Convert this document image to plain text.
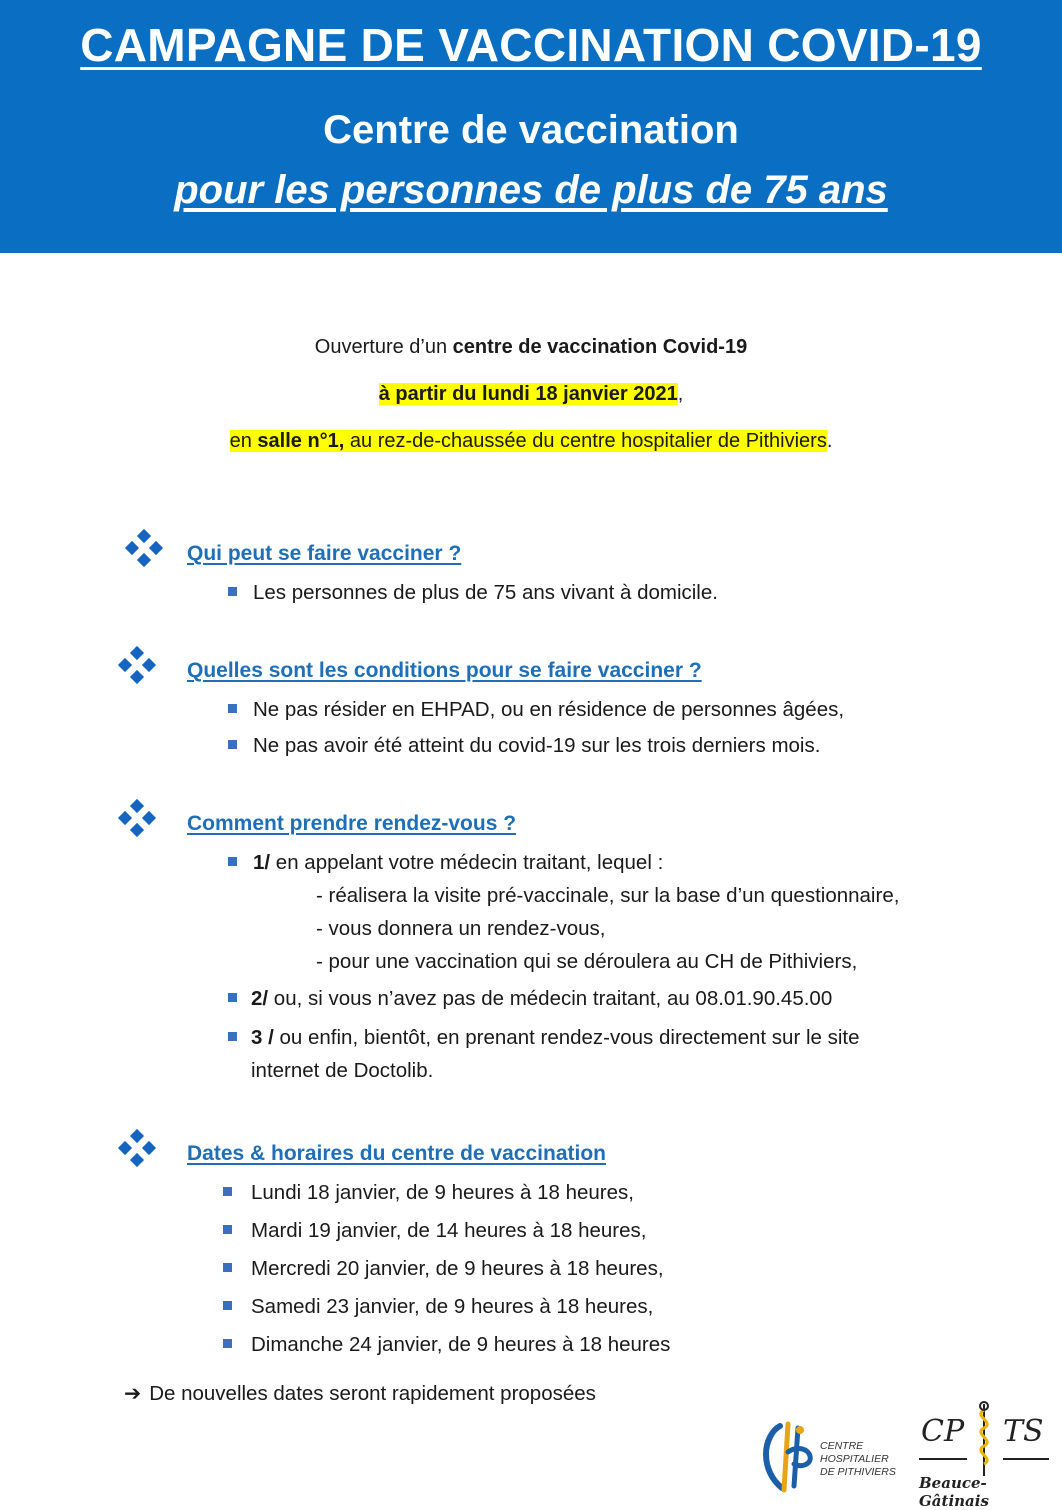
CAMPAGNE DE VACCINATION COVID-19
Centre de vaccination
pour les personnes de plus de 75 ans
Ouverture d’un centre de vaccination Covid-19
à partir du lundi 18 janvier 2021,
en salle n°1, au rez-de-chaussée du centre hospitalier de Pithiviers.
Qui peut se faire vacciner ?
Les personnes de plus de 75 ans vivant à domicile.
Quelles sont les conditions pour se faire vacciner ?
Ne pas résider en EHPAD, ou en résidence de personnes âgées,
Ne pas avoir été atteint du covid-19 sur les trois derniers mois.
Comment prendre rendez-vous ?
1/ en appelant votre médecin traitant, lequel :
- réalisera la visite pré-vaccinale, sur la base d’un questionnaire,
- vous donnera un rendez-vous,
- pour une vaccination qui se déroulera au CH de Pithiviers,
2/ ou, si vous n’avez pas de médecin traitant, au 08.01.90.45.00
3 / ou enfin, bientôt, en prenant rendez-vous directement sur le site
internet de Doctolib.
Dates & horaires du centre de vaccination
Lundi 18 janvier, de 9 heures à 18 heures,
Mardi 19 janvier, de 14 heures à 18 heures,
Mercredi 20 janvier, de 9 heures à 18 heures,
Samedi 23 janvier, de 9 heures à 18 heures,
Dimanche 24 janvier, de 9 heures à 18 heures
➔ De nouvelles dates seront rapidement proposées
CENTRE
HOSPITALIER
DE PITHIVIERS
CP TS
Beauce-Gâtinais
